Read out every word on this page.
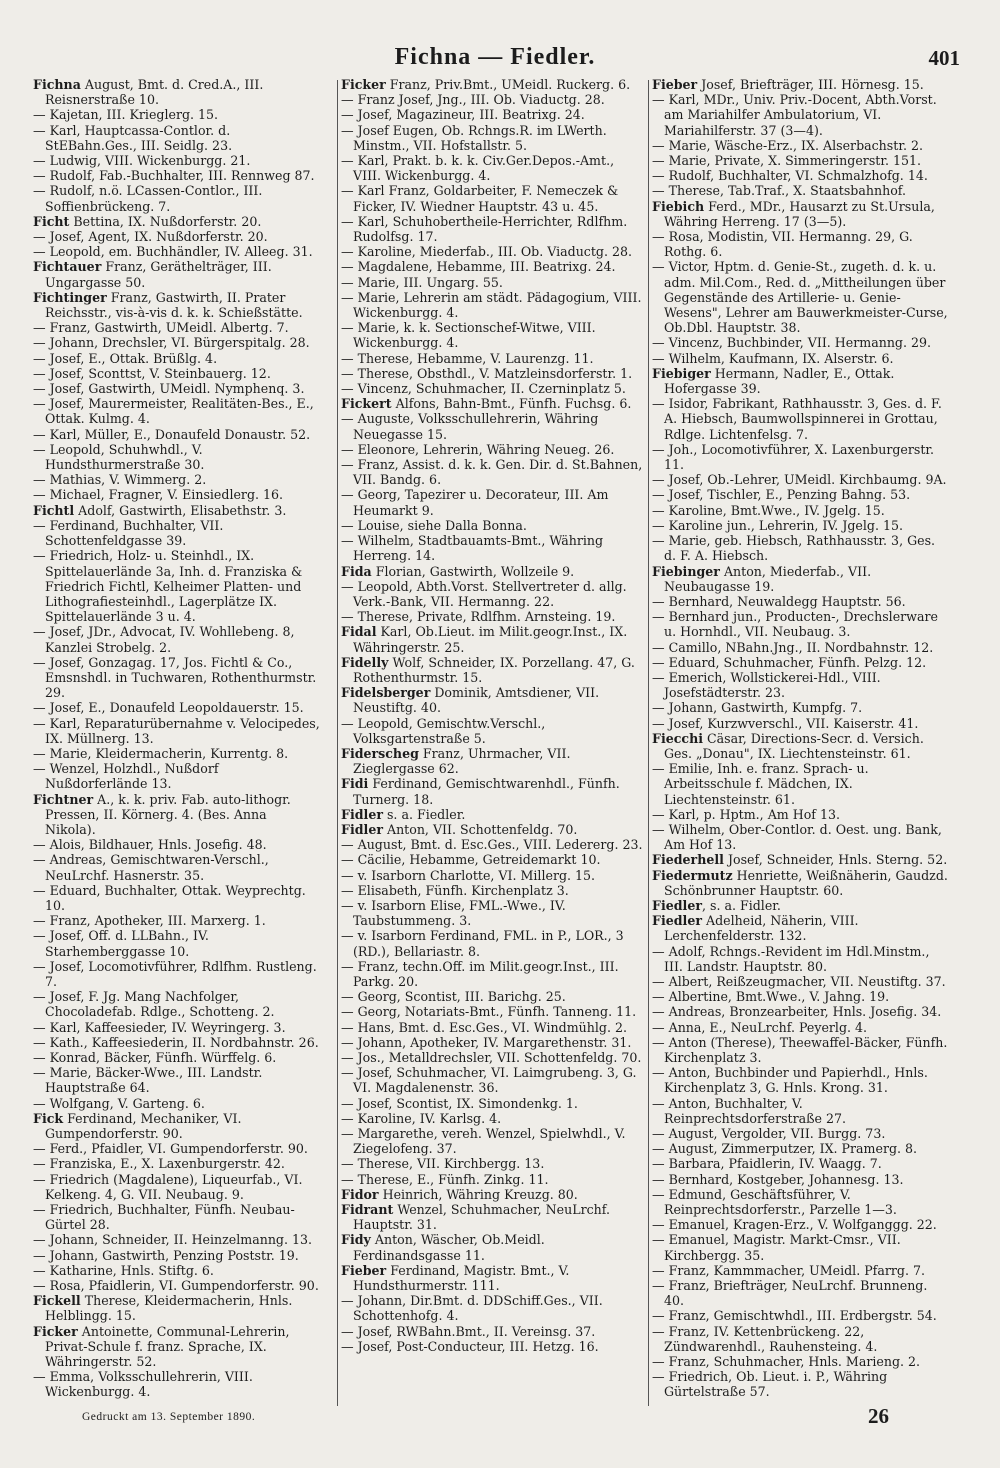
Fichna — Fiedler.	401

Fichna August, Bmt. d. Cred.A., III. Reisnerstraße 10.

— Kajetan, III. Krieglerg. 15.

— Karl, Hauptcassa-Contlor. d. StEBahn.Ges., III. Seidlg. 23.

— Ludwig, VIII. Wickenburgg. 21.

— Rudolf, Fab.-Buchhalter, III. Rennweg 87.

— Rudolf, n.ö. LCassen-Contlor., III. Soffienbrückeng. 7.

Ficht Bettina, IX. Nußdorferstr. 20.

— Josef, Agent, IX. Nußdorferstr. 20.

— Leopold, em. Buchhändler, IV. Alleeg. 31.

Fichtauer Franz, Geräthelträger, III. Ungargasse 50.

Fichtinger Franz, Gastwirth, II. Prater Reichsstr., vis-à-vis d. k. k. Schießstätte.

— Franz, Gastwirth, UMeidl. Albertg. 7.

— Johann, Drechsler, VI. Bürgerspitalg. 28.

— Josef, E., Ottak. Brüßlg. 4.

— Josef, Sconttst, V. Steinbauerg. 12.

— Josef, Gastwirth, UMeidl. Nymphenq. 3.

— Josef, Maurermeister, Realitäten-Bes., E., Ottak. Kulmg. 4.

— Karl, Müller, E., Donaufeld Donaustr. 52.

— Leopold, Schuhwhdl., V. Hundsthurmerstraße 30.

— Mathias, V. Wimmerg. 2.

— Michael, Fragner, V. Einsiedlerg. 16.

Fichtl Adolf, Gastwirth, Elisabethstr. 3.

— Ferdinand, Buchhalter, VII. Schottenfeldgasse 39.

— Friedrich, Holz- u. Steinhdl., IX. Spittelauerlände 3a, Inh. d. Franziska & Friedrich Fichtl, Kelheimer Platten- und Lithografiesteinhdl., Lagerplätze IX. Spittelauerlände 3 u. 4.

— Josef, JDr., Advocat, IV. Wohllebeng. 8, Kanzlei Strobelg. 2.

— Josef, Gonzagag. 17, Jos. Fichtl & Co., Emsnshdl. in Tuchwaren, Rothenthurmstr. 29.

— Josef, E., Donaufeld Leopoldauerstr. 15.

— Karl, Reparaturübernahme v. Velocipedes, IX. Müllnerg. 13.

— Marie, Kleidermacherin, Kurrentg. 8.

— Wenzel, Holzhdl., Nußdorf Nußdorferlände 13.

Fichtner A., k. k. priv. Fab. auto-lithogr. Pressen, II. Körnerg. 4. (Bes. Anna Nikola).

— Alois, Bildhauer, Hnls. Josefig. 48.

— Andreas, Gemischtwaren-Verschl., NeuLrchf. Hasnerstr. 35.

— Eduard, Buchhalter, Ottak. Weyprechtg. 10.

— Franz, Apotheker, III. Marxerg. 1.

— Josef, Off. d. LLBahn., IV. Starhemberggasse 10.

— Josef, Locomotivführer, Rdlfhm. Rustleng. 7.

— Josef, F. Jg. Mang Nachfolger, Chocoladefab. Rdlge., Schotteng. 2.

— Karl, Kaffeesieder, IV. Weyringerg. 3.

— Kath., Kaffeesiederin, II. Nordbahnstr. 26.

— Konrad, Bäcker, Fünfh. Würffelg. 6.

— Marie, Bäcker-Wwe., III. Landstr. Hauptstraße 64.

— Wolfgang, V. Garteng. 6.

Fick Ferdinand, Mechaniker, VI. Gumpendorferstr. 90.

— Ferd., Pfaidler, VI. Gumpendorferstr. 90.

— Franziska, E., X. Laxenburgerstr. 42.

— Friedrich (Magdalene), Liqueurfab., VI. Kelkeng. 4, G. VII. Neubaug. 9.

— Friedrich, Buchhalter, Fünfh. Neubau-Gürtel 28.

— Johann, Schneider, II. Heinzelmanng. 13.

— Johann, Gastwirth, Penzing Poststr. 19.

— Katharine, Hnls. Stiftg. 6.

— Rosa, Pfaidlerin, VI. Gumpendorferstr. 90.

Fickell Therese, Kleidermacherin, Hnls. Helblingg. 15.

Ficker Antoinette, Communal-Lehrerin, Privat-Schule f. franz. Sprache, IX. Währingerstr. 52.

— Emma, Volksschullehrerin, VIII. Wickenburgg. 4.

Ficker Franz, Priv.Bmt., UMeidl. Ruckerg. 6.

— Franz Josef, Jng., III. Ob. Viaductg. 28.

— Josef, Magazineur, III. Beatrixg. 24.

— Josef Eugen, Ob. Rchngs.R. im LWerth. Minstm., VII. Hofstallstr. 5.

— Karl, Prakt. b. k. k. Civ.Ger.Depos.-Amt., VIII. Wickenburgg. 4.

— Karl Franz, Goldarbeiter, F. Nemeczek & Ficker, IV. Wiedner Hauptstr. 43 u. 45.

— Karl, Schuhobertheile-Herrichter, Rdlfhm. Rudolfsg. 17.

— Karoline, Miederfab., III. Ob. Viaductg. 28.

— Magdalene, Hebamme, III. Beatrixg. 24.

— Marie, III. Ungarg. 55.

— Marie, Lehrerin am städt. Pädagogium, VIII. Wickenburgg. 4.

— Marie, k. k. Sectionschef-Witwe, VIII. Wickenburgg. 4.

— Therese, Hebamme, V. Laurenzg. 11.

— Therese, Obsthdl., V. Matzleinsdorferstr. 1.

— Vincenz, Schuhmacher, II. Czerninplatz 5.

Fickert Alfons, Bahn-Bmt., Fünfh. Fuchsg. 6.

— Auguste, Volksschullehrerin, Währing Neuegasse 15.

— Eleonore, Lehrerin, Währing Neueg. 26.

— Franz, Assist. d. k. k. Gen. Dir. d. St.Bahnen, VII. Bandg. 6.

— Georg, Tapezirer u. Decorateur, III. Am Heumarkt 9.

— Louise, siehe Dalla Bonna.

— Wilhelm, Stadtbauamts-Bmt., Währing Herreng. 14.

Fida Florian, Gastwirth, Wollzeile 9.

— Leopold, Abth.Vorst. Stellvertreter d. allg. Verk.-Bank, VII. Hermanng. 22.

— Therese, Private, Rdlfhm. Arnsteing. 19.

Fidal Karl, Ob.Lieut. im Milit.geogr.Inst., IX. Währingerstr. 25.

Fidelly Wolf, Schneider, IX. Porzellang. 47, G. Rothenthurmstr. 15.

Fidelsberger Dominik, Amtsdiener, VII. Neustiftg. 40.

— Leopold, Gemischtw.Verschl., Volksgartenstraße 5.

Fiderscheg Franz, Uhrmacher, VII. Zieglergasse 62.

Fidi Ferdinand, Gemischtwarenhdl., Fünfh. Turnerg. 18.

Fidler s. a. Fiedler.

Fidler Anton, VII. Schottenfeldg. 70.

— August, Bmt. d. Esc.Ges., VIII. Ledererg. 23.

— Cäcilie, Hebamme, Getreidemarkt 10.

— v. Isarborn Charlotte, VI. Millerg. 15.

— Elisabeth, Fünfh. Kirchenplatz 3.

— v. Isarborn Elise, FML.-Wwe., IV. Taubstummeng. 3.

— v. Isarborn Ferdinand, FML. in P., LOR., 3 (RD.), Bellariastr. 8.

— Franz, techn.Off. im Milit.geogr.Inst., III. Parkg. 20.

— Georg, Scontist, III. Barichg. 25.

— Georg, Notariats-Bmt., Fünfh. Tanneng. 11.

— Hans, Bmt. d. Esc.Ges., VI. Windmühlg. 2.

— Johann, Apotheker, IV. Margarethenstr. 31.

— Jos., Metalldrechsler, VII. Schottenfeldg. 70.

— Josef, Schuhmacher, VI. Laimgrubeng. 3, G. VI. Magdalenenstr. 36.

— Josef, Scontist, IX. Simondenkg. 1.

— Karoline, IV. Karlsg. 4.

— Margarethe, vereh. Wenzel, Spielwhdl., V. Ziegelofeng. 37.

— Therese, VII. Kirchbergg. 13.

— Therese, E., Fünfh. Zinkg. 11.

Fidor Heinrich, Währing Kreuzg. 80.

Fidrant Wenzel, Schuhmacher, NeuLrchf. Hauptstr. 31.

Fidy Anton, Wäscher, Ob.Meidl. Ferdinandsgasse 11.

Fieber Ferdinand, Magistr. Bmt., V. Hundsthurmerstr. 111.

— Johann, Dir.Bmt. d. DDSchiff.Ges., VII. Schottenhofg. 4.

— Josef, RWBahn.Bmt., II. Vereinsg. 37.

— Josef, Post-Conducteur, III. Hetzg. 16.

Fieber Josef, Briefträger, III. Hörnesg. 15.

— Karl, MDr., Univ. Priv.-Docent, Abth.Vorst. am Mariahilfer Ambulatorium, VI. Mariahilferstr. 37 (3—4).

— Marie, Wäsche-Erz., IX. Alserbachstr. 2.

— Marie, Private, X. Simmeringerstr. 151.

— Rudolf, Buchhalter, VI. Schmalzhofg. 14.

— Therese, Tab.Traf., X. Staatsbahnhof.

Fiebich Ferd., MDr., Hausarzt zu St.Ursula, Währing Herreng. 17 (3—5).

— Rosa, Modistin, VII. Hermanng. 29, G. Rothg. 6.

— Victor, Hptm. d. Genie-St., zugeth. d. k. u. adm. Mil.Com., Red. d. „Mittheilungen über Gegenstände des Artillerie- u. Genie-Wesens", Lehrer am Bauwerkmeister-Curse, Ob.Dbl. Hauptstr. 38.

— Vincenz, Buchbinder, VII. Hermanng. 29.

— Wilhelm, Kaufmann, IX. Alserstr. 6.

Fiebiger Hermann, Nadler, E., Ottak. Hofergasse 39.

— Isidor, Fabrikant, Rathhausstr. 3, Ges. d. F. A. Hiebsch, Baumwollspinnerei in Grottau, Rdlge. Lichtenfelsg. 7.

— Joh., Locomotivführer, X. Laxenburgerstr. 11.

— Josef, Ob.-Lehrer, UMeidl. Kirchbaumg. 9A.

— Josef, Tischler, E., Penzing Bahng. 53.

— Karoline, Bmt.Wwe., IV. Jgelg. 15.

— Karoline jun., Lehrerin, IV. Jgelg. 15.

— Marie, geb. Hiebsch, Rathhausstr. 3, Ges. d. F. A. Hiebsch.

Fiebinger Anton, Miederfab., VII. Neubaugasse 19.

— Bernhard, Neuwaldegg Hauptstr. 56.

— Bernhard jun., Producten-, Drechslerware u. Hornhdl., VII. Neubaug. 3.

— Camillo, NBahn.Jng., II. Nordbahnstr. 12.

— Eduard, Schuhmacher, Fünfh. Pelzg. 12.

— Emerich, Wollstickerei-Hdl., VIII. Josefstädterstr. 23.

— Johann, Gastwirth, Kumpfg. 7.

— Josef, Kurzwverschl., VII. Kaiserstr. 41.

Fiecchi Cäsar, Directions-Secr. d. Versich. Ges. „Donau", IX. Liechtensteinstr. 61.

— Emilie, Inh. e. franz. Sprach- u. Arbeitsschule f. Mädchen, IX. Liechtensteinstr. 61.

— Karl, p. Hptm., Am Hof 13.

— Wilhelm, Ober-Contlor. d. Oest. ung. Bank, Am Hof 13.

Fiederhell Josef, Schneider, Hnls. Sterng. 52.

Fiedermutz Henriette, Weißnäherin, Gaudzd. Schönbrunner Hauptstr. 60.

Fiedler, s. a. Fidler.

Fiedler Adelheid, Näherin, VIII. Lerchenfelderstr. 132.

— Adolf, Rchngs.-Revident im Hdl.Minstm., III. Landstr. Hauptstr. 80.

— Albert, Reißzeugmacher, VII. Neustiftg. 37.

— Albertine, Bmt.Wwe., V. Jahng. 19.

— Andreas, Bronzearbeiter, Hnls. Josefig. 34.

— Anna, E., NeuLrchf. Peyerlg. 4.

— Anton (Therese), Theewaffel-Bäcker, Fünfh. Kirchenplatz 3.

— Anton, Buchbinder und Papierhdl., Hnls. Kirchenplatz 3, G. Hnls. Krong. 31.

— Anton, Buchhalter, V. Reinprechtsdorferstraße 27.

— August, Vergolder, VII. Burgg. 73.

— August, Zimmerputzer, IX. Pramerg. 8.

— Barbara, Pfaidlerin, IV. Waagg. 7.

— Bernhard, Kostgeber, Johannesg. 13.

— Edmund, Geschäftsführer, V. Reinprechtsdorferstr., Parzelle 1—3.

— Emanuel, Kragen-Erz., V. Wolfganggg. 22.

— Emanuel, Magistr. Markt-Cmsr., VII. Kirchbergg. 35.

— Franz, Kammmacher, UMeidl. Pfarrg. 7.

— Franz, Briefträger, NeuLrchf. Brunneng. 40.

— Franz, Gemischtwhdl., III. Erdbergstr. 54.

— Franz, IV. Kettenbrückeng. 22, Zündwarenhdl., Rauhensteing. 4.

— Franz, Schuhmacher, Hnls. Marieng. 2.

— Friedrich, Ob. Lieut. i. P., Währing Gürtelstraße 57.

Gedruckt am 13. September 1890.	26
